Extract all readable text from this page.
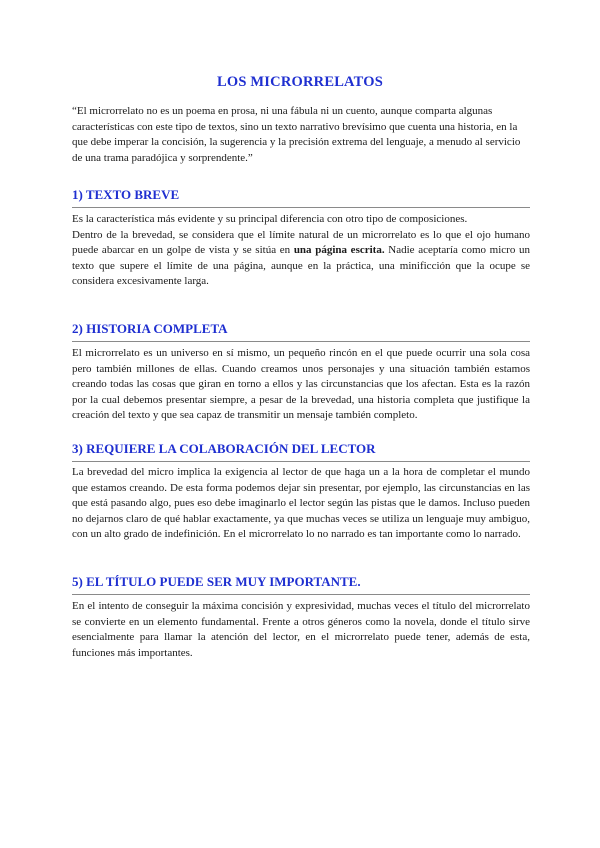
LOS MICRORRELATOS
“El microrrelato no es un poema en prosa, ni una fábula ni un cuento, aunque comparta algunas características con este tipo de textos, sino un texto narrativo brevísimo que cuenta una historia, en la que debe imperar la concisión, la sugerencia y la precisión extrema del lenguaje, a menudo al servicio de una trama paradójica y sorprendente.”
1) TEXTO BREVE

Es la característica más evidente y su principal diferencia con otro tipo de composiciones.

Dentro de la brevedad, se considera que el límite natural de un microrrelato es lo que el ojo humano puede abarcar en un golpe de vista y se sitúa en una página escrita. Nadie aceptaría como micro un texto que supere el límite de una página, aunque en la práctica, una minificción que la ocupe se considera excesivamente larga.

2) HISTORIA COMPLETA
El microrrelato es un universo en sí mismo, un pequeño rincón en el que puede ocurrir una sola cosa pero también millones de ellas. Cuando creamos unos personajes y una situación también estamos creando todas las cosas que giran en torno a ellos y las circunstancias que los afectan. Esta es la razón por la cual debemos presentar siempre, a pesar de la brevedad, una historia completa que justifique la creación del texto y que sea capaz de transmitir un mensaje también completo.
3) REQUIERE LA COLABORACIÓN DEL LECTOR
La brevedad del micro implica la exigencia al lector de que haga un a la hora de completar el mundo que estamos creando. De esta forma podemos dejar sin presentar, por ejemplo, las circunstancias en las que está pasando algo, pues eso debe imaginarlo el lector según las pistas que le damos. Incluso pueden no dejarnos claro de qué hablar exactamente, ya que muchas veces se utiliza un lenguaje muy ambiguo, con un alto grado de indefinición. En el microrrelato lo no narrado es tan importante como lo narrado.
5) EL TÍTULO PUEDE SER MUY IMPORTANTE.
En el intento de conseguir la máxima concisión y expresividad, muchas veces el título del microrrelato se convierte en un elemento fundamental. Frente a otros géneros como la novela, donde el título sirve esencialmente para llamar la atención del lector, en el microrrelato puede tener, además de esta, funciones más importantes.
